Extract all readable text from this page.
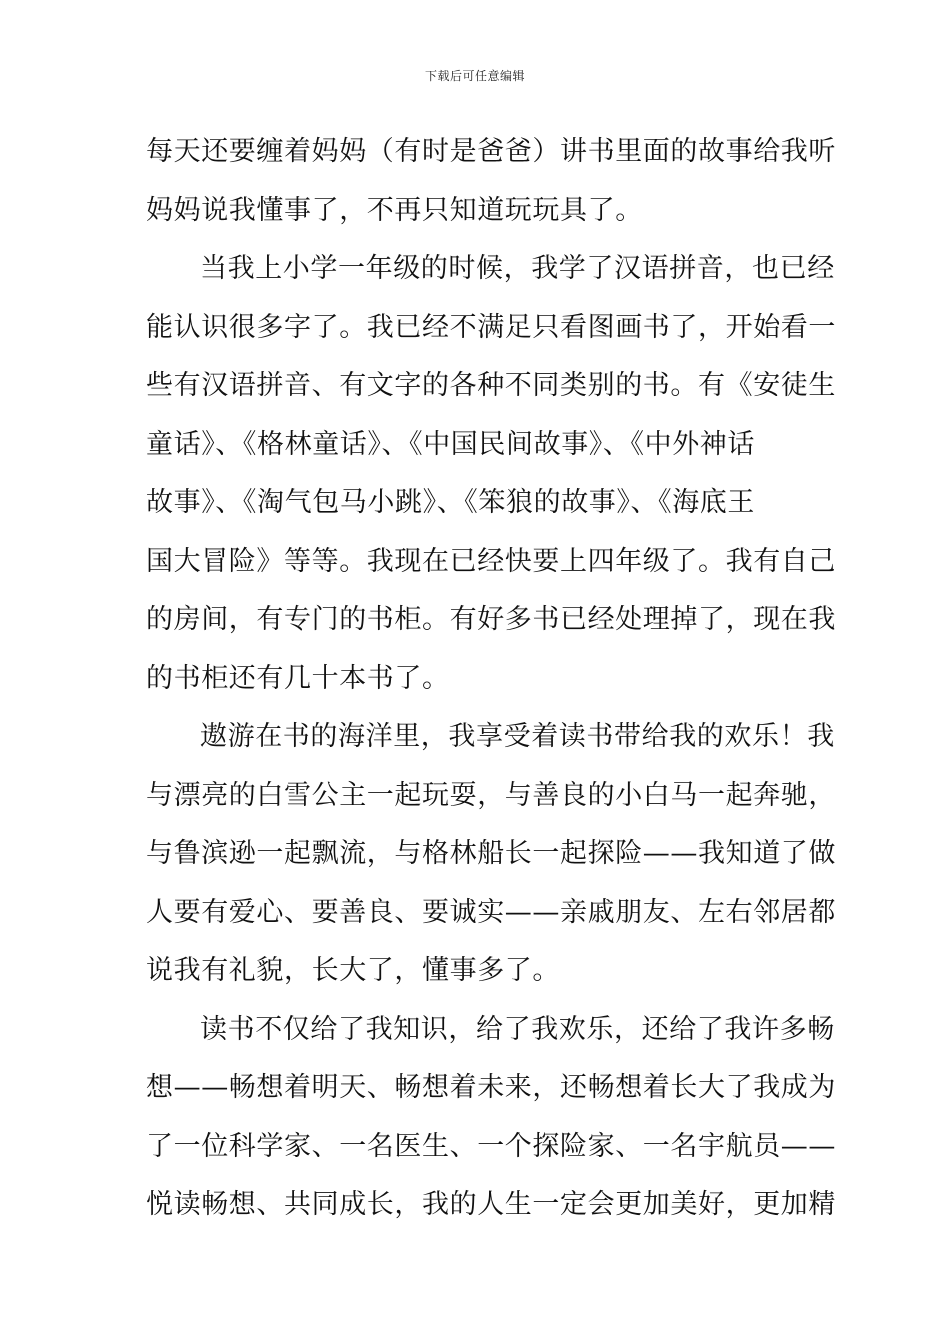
下载后可任意编辑
每天还要缠着妈妈（有时是爸爸）讲书里面的故事给我听
妈妈说我懂事了，不再只知道玩玩具了。
当我上小学一年级的时候，我学了汉语拼音，也已经
能认识很多字了。我已经不满足只看图画书了，开始看一
些有汉语拼音、有文字的各种不同类别的书。有《安徒生
童话》、《格林童话》、《中国民间故事》、《中外神话
故事》、《淘气包马小跳》、《笨狼的故事》、《海底王
国大冒险》等等。我现在已经快要上四年级了。我有自己
的房间，有专门的书柜。有好多书已经处理掉了，现在我
的书柜还有几十本书了。
遨游在书的海洋里，我享受着读书带给我的欢乐！我
与漂亮的白雪公主一起玩耍，与善良的小白马一起奔驰，
与鲁滨逊一起飘流，与格林船长一起探险——我知道了做
人要有爱心、要善良、要诚实——亲戚朋友、左右邻居都
说我有礼貌，长大了，懂事多了。
读书不仅给了我知识，给了我欢乐，还给了我许多畅
想——畅想着明天、畅想着未来，还畅想着长大了我成为
了一位科学家、一名医生、一个探险家、一名宇航员——
悦读畅想、共同成长，我的人生一定会更加美好，更加精
